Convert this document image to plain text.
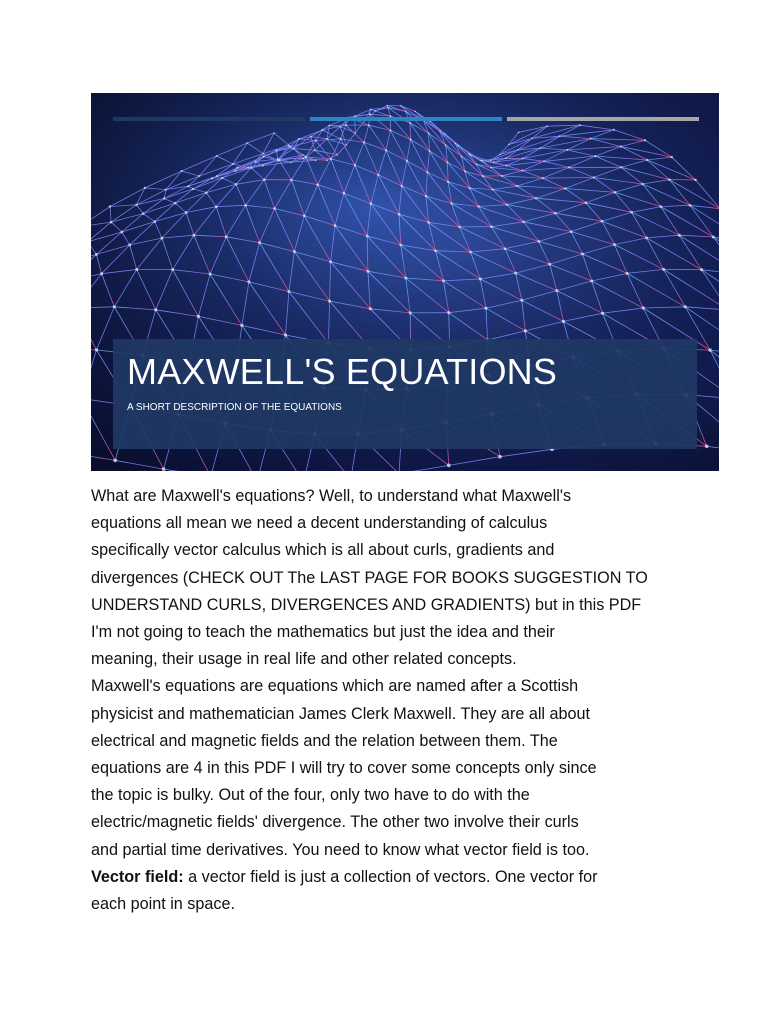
MAXWELL'S EQUATIONS

A SHORT DESCRIPTION OF THE EQUATIONS

What are Maxwell's equations? Well, to understand what Maxwell's
equations all mean we need a decent understanding of calculus
specifically vector calculus which is all about curls, gradients and
divergences (CHECK OUT The LAST PAGE FOR BOOKS SUGGESTION TO
UNDERSTAND CURLS, DIVERGENCES AND GRADIENTS) but in this PDF
I'm not going to teach the mathematics but just the idea and their
meaning, their usage in real life and other related concepts.
Maxwell's equations are equations which are named after a Scottish
physicist and mathematician James Clerk Maxwell. They are all about
electrical and magnetic fields and the relation between them. The
equations are 4 in this PDF I will try to cover some concepts only since
the topic is bulky. Out of the four, only two have to do with the
electric/magnetic fields' divergence. The other two involve their curls
and partial time derivatives. You need to know what vector field is too.
Vector field: a vector field is just a collection of vectors. One vector for
each point in space.
